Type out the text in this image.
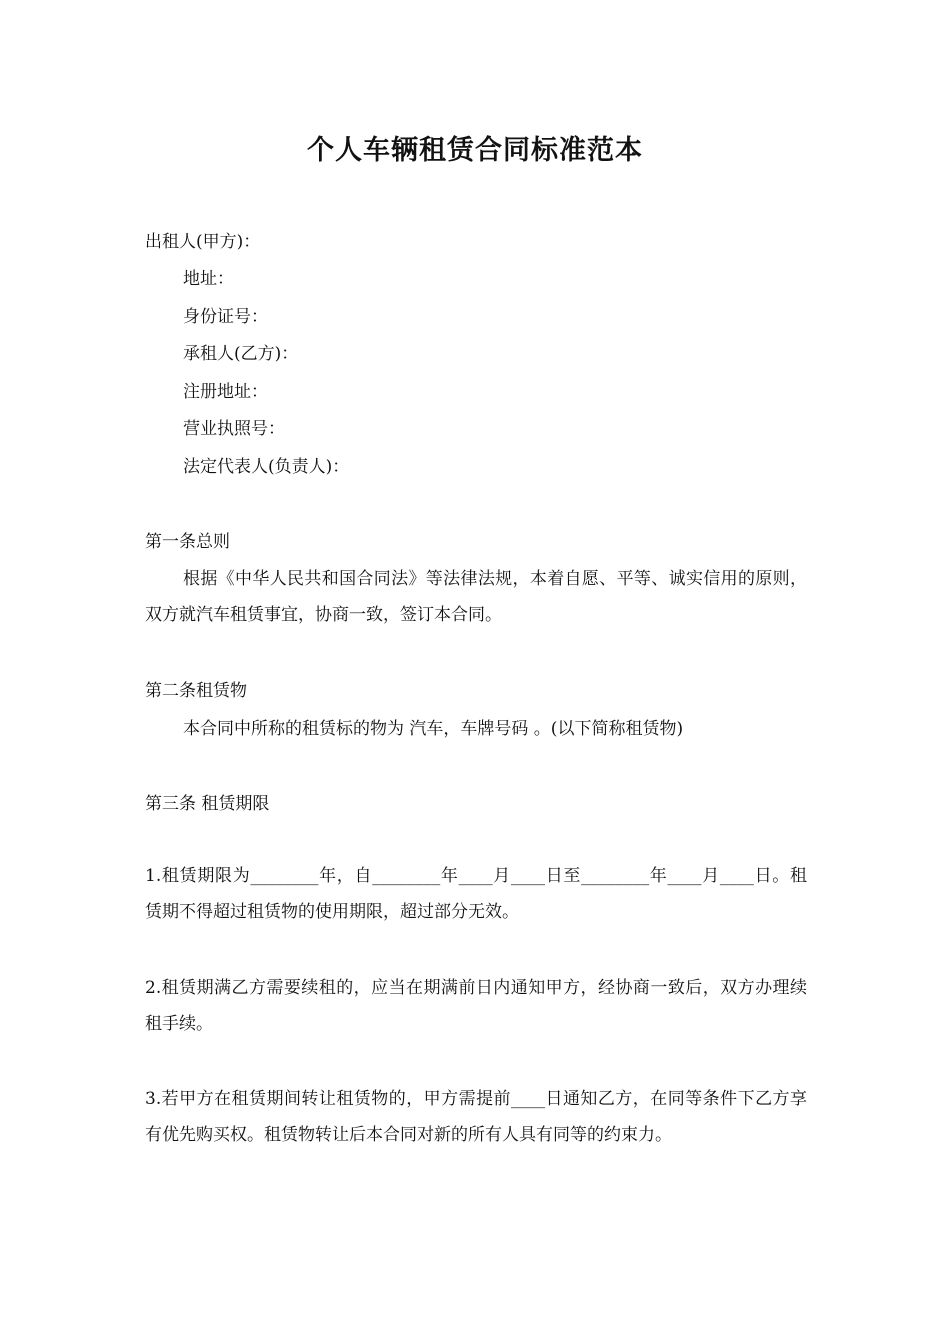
个人车辆租赁合同标准范本
出租人(甲方)：
地址：
身份证号：
承租人(乙方)：
注册地址：
营业执照号：
法定代表人(负责人)：
第一条总则
根据《中华人民共和国合同法》等法律法规，本着自愿、平等、诚实信用的原则，双方就汽车租赁事宜，协商一致，签订本合同。
第二条租赁物
本合同中所称的租赁标的物为 汽车，车牌号码 。(以下简称租赁物)
第三条 租赁期限
1.租赁期限为________年，自________年____月____日至________年____月____日。租赁期不得超过租赁物的使用期限，超过部分无效。
2.租赁期满乙方需要续租的，应当在期满前日内通知甲方，经协商一致后，双方办理续租手续。
3.若甲方在租赁期间转让租赁物的，甲方需提前____日通知乙方，在同等条件下乙方享有优先购买权。租赁物转让后本合同对新的所有人具有同等的约束力。
